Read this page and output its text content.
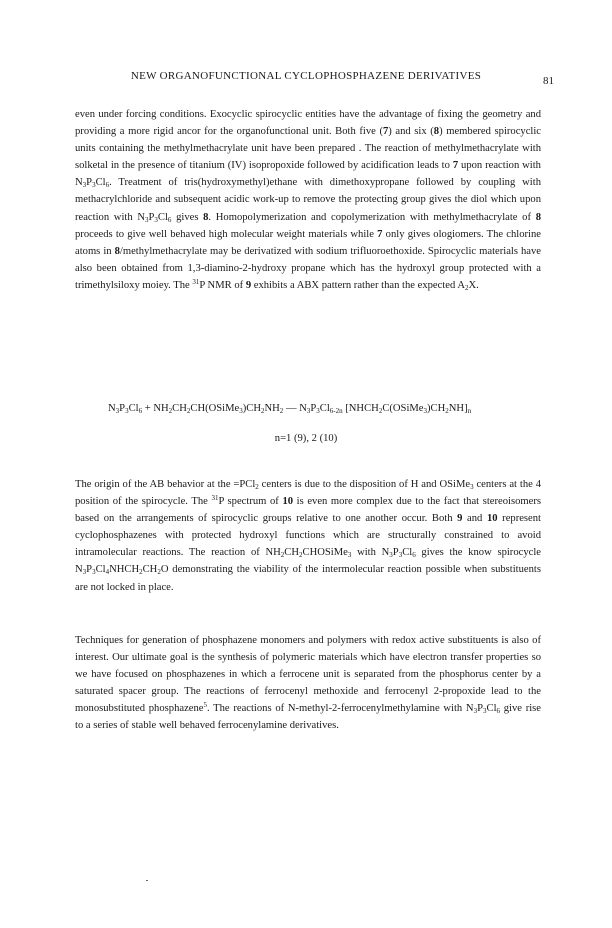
NEW ORGANOFUNCTIONAL CYCLOPHOSPHAZENE DERIVATIVES	81

even under forcing conditions. Exocyclic spirocyclic entities have the advantage of fixing the geometry and providing a more rigid ancor for the organofunctional unit. Both five (7) and six (8) membered spirocyclic units containing the methylmethacrylate unit have been prepared . The reaction of methylmethacrylate with solketal in the presence of titanium (IV) isopropoxide followed by acidification leads to 7 upon reaction with $N_3P_3Cl_6$. Treatment of tris(hydroxymethyl)ethane with dimethoxypropane followed by coupling with methacrylchloride and subsequent acidic work-up to remove the protecting group gives the diol which upon reaction with $N_3P_3Cl_6$ gives 8. Homopolymerization and copolymerization with methylmethacrylate of 8 proceeds to give well behaved high molecular weight materials while 7 only gives ologiomers. The chlorine atoms in 8/methylmethacrylate may be derivatized with sodium trifluoroethoxide. Spirocyclic materials have also been obtained from 1,3-diamino-2-hydroxy propane which has the hydroxyl group protected with a trimethylsiloxy moiey. The $^{31}$P NMR of 9 exhibits a ABX pattern rather than the expected $A_2X$.

$N_3P_3Cl_6$ + $NH_2CH_2CH(OSiMe_3)CH_2NH_2$ — $N_3P_3Cl_{6-2n}$ $[NHCH_2C(OSiMe_3)CH_2NH]_n$
n=1 (9), 2 (10)

The origin of the AB behavior at the =PCl$_2$ centers is due to the disposition of H and OSiMe$_3$ centers at the 4 position of the spirocycle. The $^{31}$P spectrum of 10 is even more complex due to the fact that stereoisomers based on the arrangements of spirocyclic groups relative to one another occur. Both 9 and 10 represent cyclophosphazenes with protected hydroxyl functions which are structurally constrained to avoid intramolecular reactions. The reaction of $NH_2CH_2CHOSiMe_3$ with $N_3P_3Cl_6$ gives the know spirocycle $N_3P_3Cl_4NHCH_2CH_2O$ demonstrating the viability of the intermolecular reaction possible when substituents are not locked in place.

Techniques for generation of phosphazene monomers and polymers with redox active substituents is also of interest. Our ultimate goal is the synthesis of polymeric materials which have electron transfer properties so we have focused on phosphazenes in which a ferrocene unit is separated from the phosphorus center by a saturated spacer group. The reactions of ferrocenyl methoxide and ferrocenyl 2-propoxide lead to the monosubstituted phosphazene$^5$. The reactions of N-methyl-2-ferrocenylmethylamine with $N_3P_3Cl_6$ give rise to a series of stable well behaved ferrocenylamine derivatives.
